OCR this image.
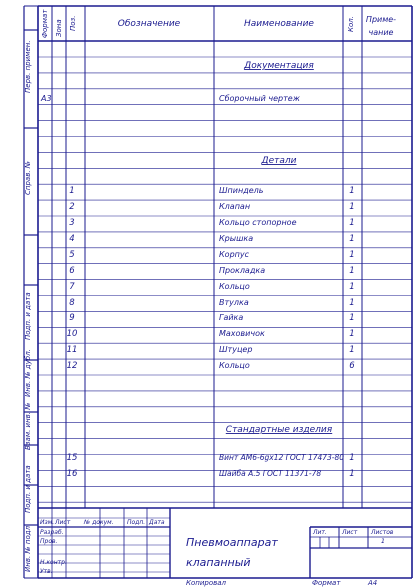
Формат Зона Поз.	Обозначение	Наименование	Кол. Приме-
чание
Перв. примен.
Справ. №
Подп. и дата
Инв. № дубл.
Взам. инв. №
Подп. и дата
Инв. № подл.
Документация
Детали
Стандартные изделия
А3	Сборочный чертеж
1	Шпиндель	1
2	Клапан	1
3	Кольцо стопорное	1
4	Крышка	1
5	Корпус	1
6	Прокладка	1
7	Кольцо	1
8	Втулка	1
9	Гайка	1
10	Маховичок	1
11	Штуцер	1
12	Кольцо	6
15	Винт АМ6-6gх12 ГОСТ 17473-80 1
16	Шайба А.5 ГОСТ 11371-78	1
Изм. Лист № докум. Подп. Дата
Разраб.
Пров.
Н.контр.
Утв.
Пневмоаппарат
клапанный
Лит.	Лист Листов
1
Копировал	Формат	А4
